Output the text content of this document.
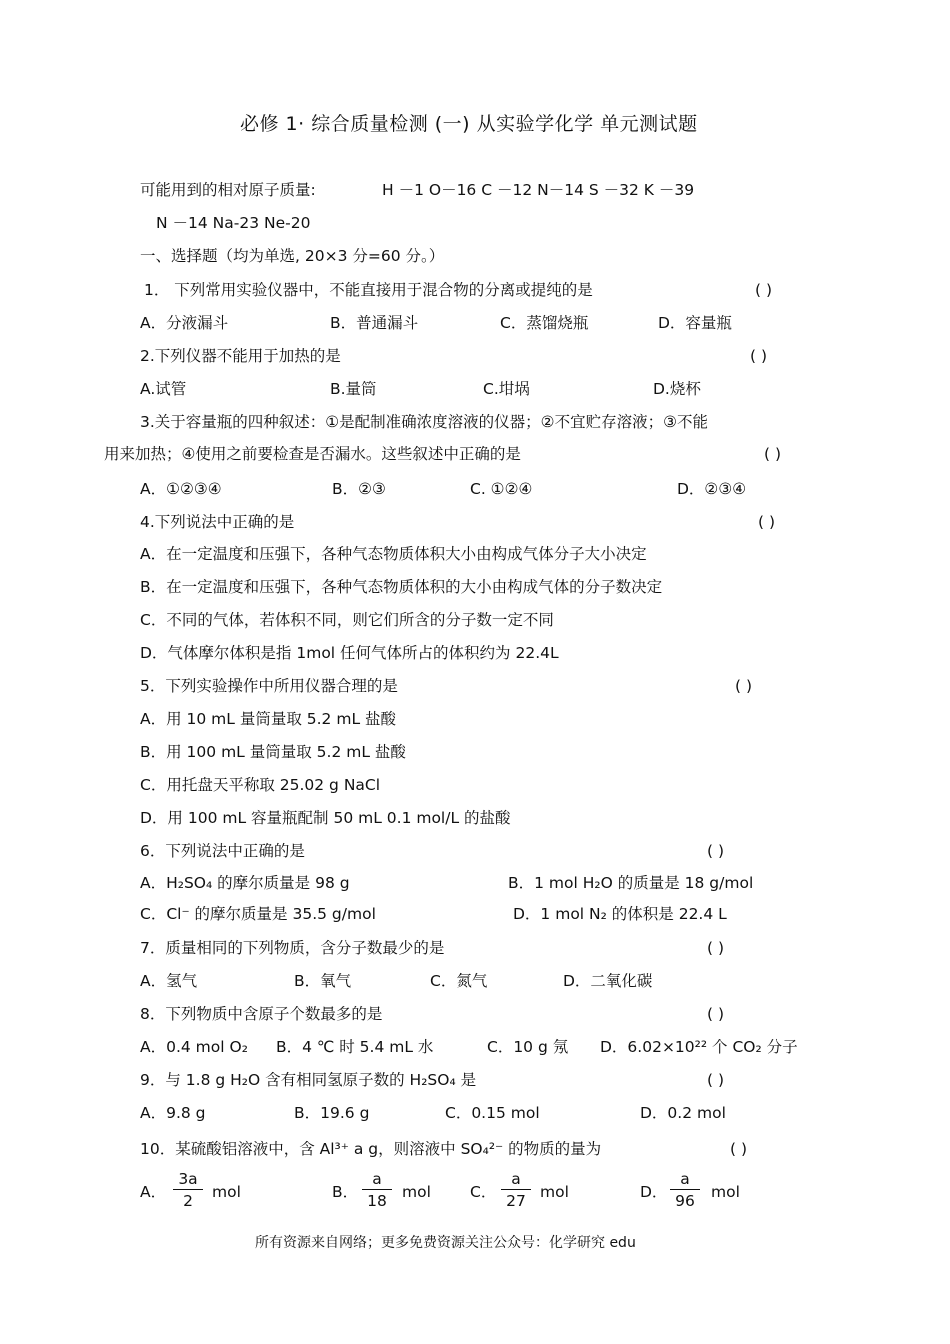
必修 1· 综合质量检测 (一) 从实验学化学 单元测试题
可能用到的相对原子质量:	H －1 O－16 C －12 N－14 S －32 K －39
N －14 Na-23 Ne-20
一、选择题（均为单选, 20×3 分=60 分。）
1． 下列常用实验仪器中，不能直接用于混合物的分离或提纯的是	( )
A．分液漏斗	B．普通漏斗	C．蒸馏烧瓶	D．容量瓶
2.下列仪器不能用于加热的是	( )
A.试管	B.量筒	C.坩埚	D.烧杯
3.关于容量瓶的四种叙述：①是配制准确浓度溶液的仪器；②不宜贮存溶液；③不能
用来加热；④使用之前要检查是否漏水。这些叙述中正确的是	( )
A．①②③④	B．②③	C. ①②④	D．②③④
4.下列说法中正确的是	( )
A．在一定温度和压强下，各种气态物质体积大小由构成气体分子大小决定
B．在一定温度和压强下，各种气态物质体积的大小由构成气体的分子数决定
C．不同的气体，若体积不同，则它们所含的分子数一定不同
D．气体摩尔体积是指 1mol 任何气体所占的体积约为 22.4L
5．下列实验操作中所用仪器合理的是	( )
A．用 10 mL 量筒量取 5.2 mL 盐酸
B．用 100 mL 量筒量取 5.2 mL 盐酸
C．用托盘天平称取 25.02 g NaCl
D．用 100 mL 容量瓶配制 50 mL 0.1 mol/L 的盐酸
6．下列说法中正确的是	( )
A．H₂SO₄ 的摩尔质量是 98 g	B．1 mol H₂O 的质量是 18 g/mol
C．Cl⁻ 的摩尔质量是 35.5 g/mol	D．1 mol N₂ 的体积是 22.4 L
7．质量相同的下列物质，含分子数最少的是	( )
A．氢气	B．氧气	C．氮气	D．二氧化碳
8．下列物质中含原子个数最多的是	( )
A．0.4 mol O₂ B．4 ℃ 时 5.4 mL 水	C．10 g 氖 D．6.02×10²² 个 CO₂ 分子
9．与 1.8 g H₂O 含有相同氢原子数的 H₂SO₄ 是	( )
A．9.8 g	B．19.6 g	C．0.15 mol	D．0.2 mol
10．某硫酸铝溶液中，含 Al³⁺ a g，则溶液中 SO₄²⁻ 的物质的量为	( )
A． $\frac{3a}{2}$ mol	B． $\frac{a}{18}$ mol	C． $\frac{a}{27}$ mol	D． $\frac{a}{96}$ mol
所有资源来自网络；更多免费资源关注公众号：化学研究 edu
